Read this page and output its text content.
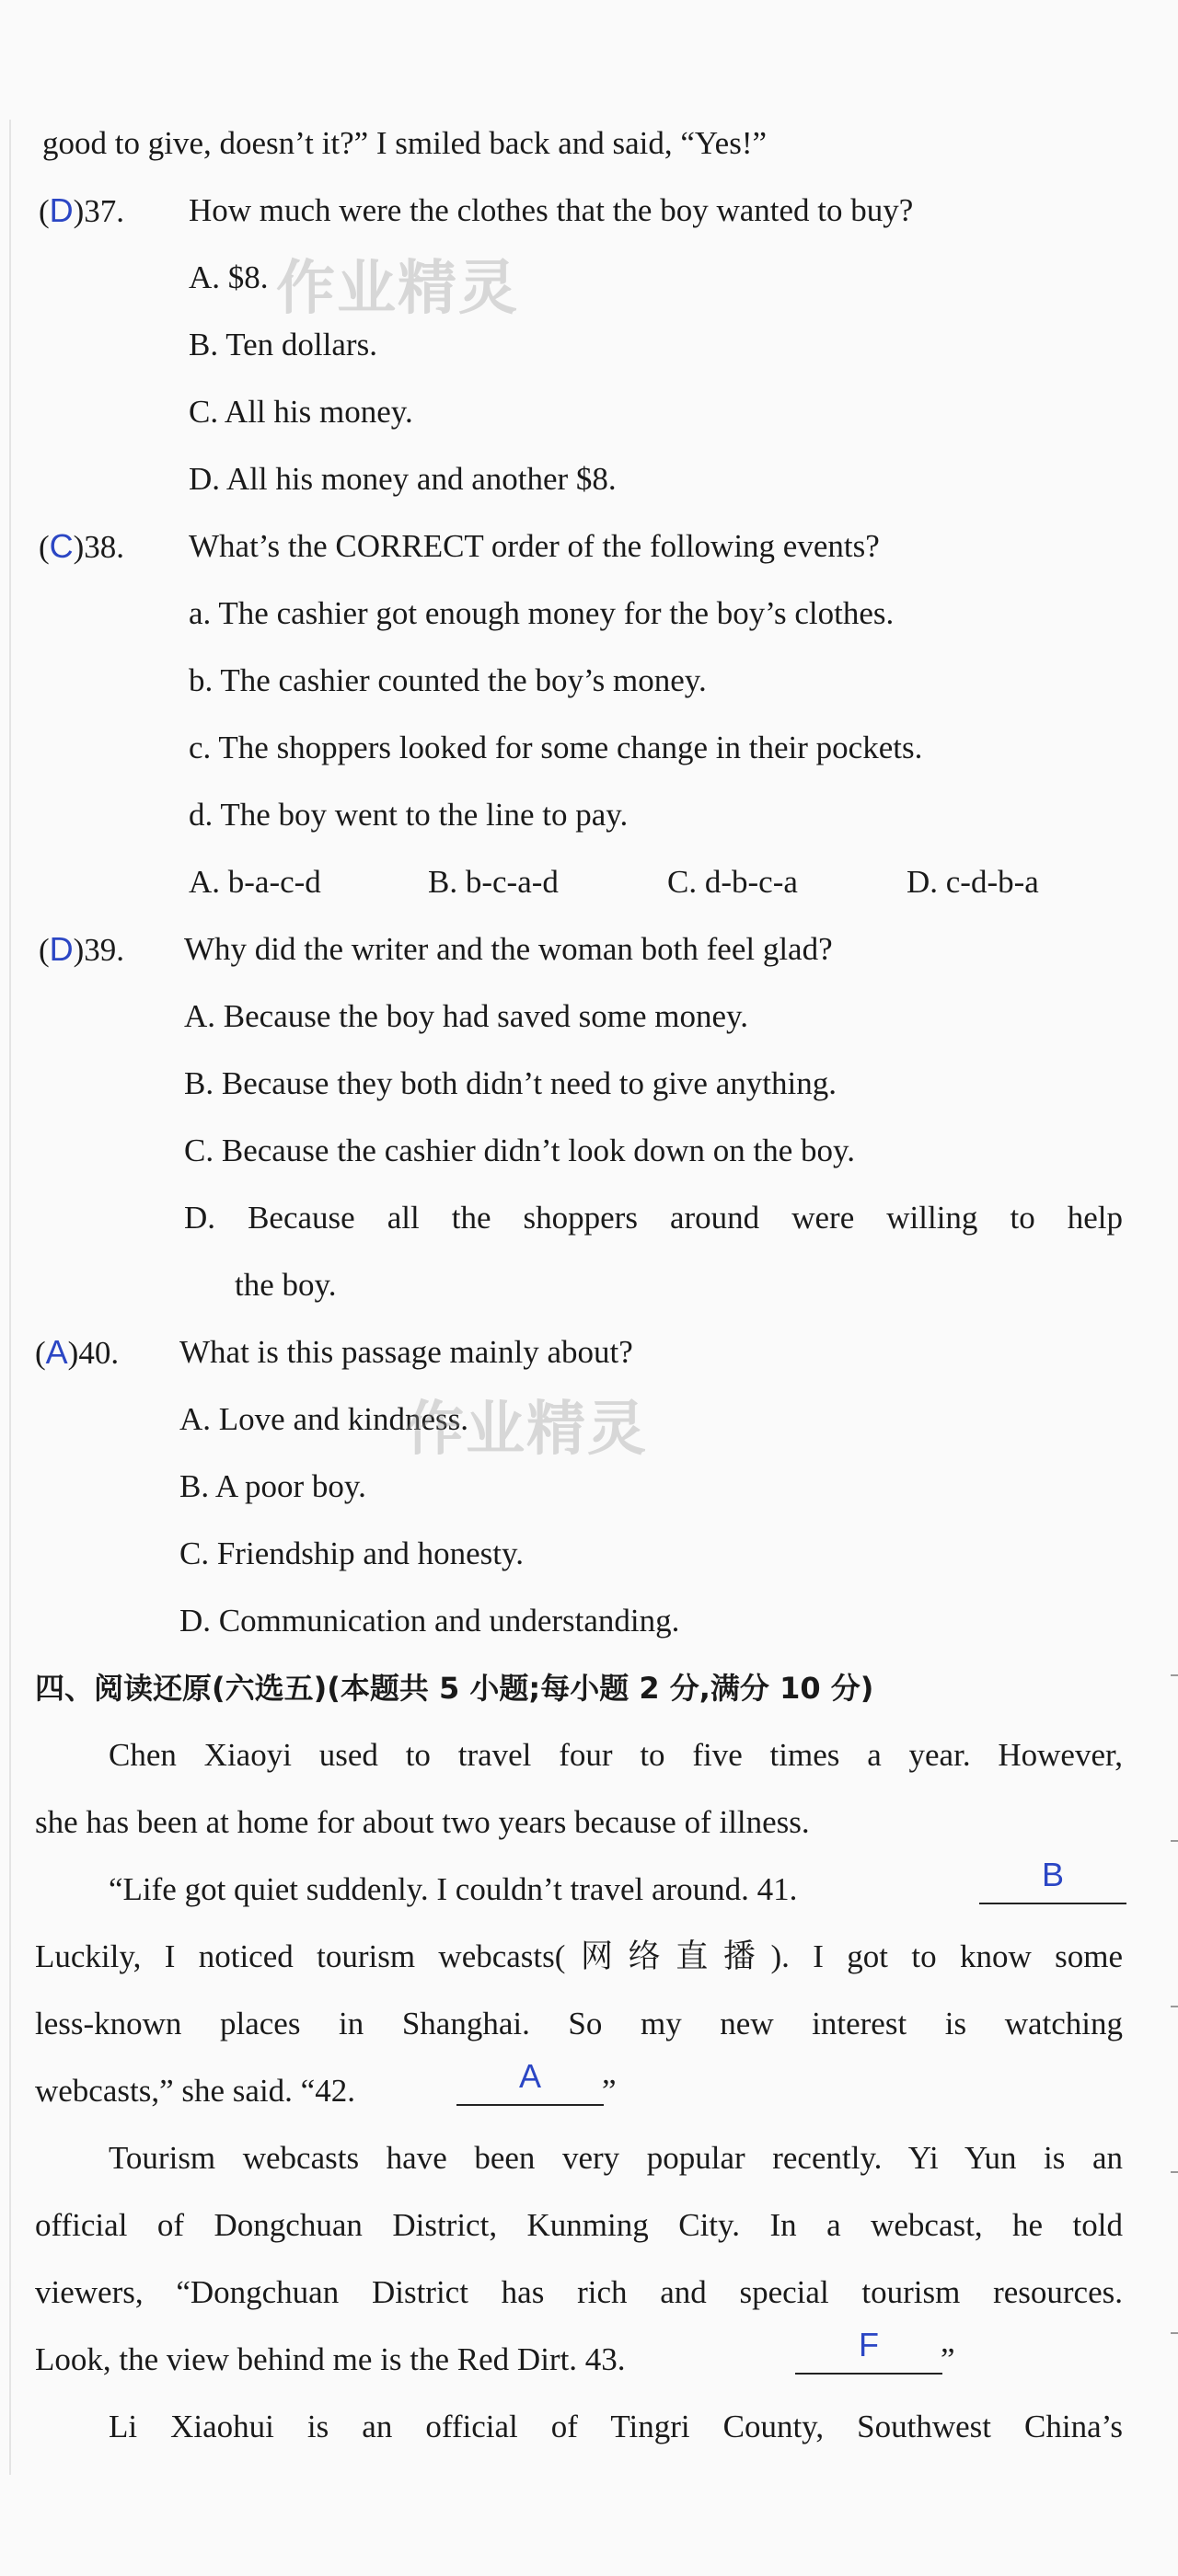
good to give, doesn’t it?” I smiled back and said, “Yes!”
(D)37. How much were the clothes that the boy wanted to buy?
A. $8.
B. Ten dollars.
C. All his money.
D. All his money and another $8.
(C)38. What’s the CORRECT order of the following events?
a. The cashier got enough money for the boy’s clothes.
b. The cashier counted the boy’s money.
c. The shoppers looked for some change in their pockets.
d. The boy went to the line to pay.
A. b-a-c-d	B. b-c-a-d	C. d-b-c-a	D. c-d-b-a
(D)39. Why did the writer and the woman both feel glad?
A. Because the boy had saved some money.
B. Because they both didn’t need to give anything.
C. Because the cashier didn’t look down on the boy.
D. Because all the shoppers around were willing to help
the boy.
(A)40. What is this passage mainly about?
A. Love and kindness.
B. A poor boy.
C. Friendship and honesty.
D. Communication and understanding.
四、阅读还原(六选五)(本题共 5 小题;每小题 2 分,满分 10 分)
Chen Xiaoyi used to travel four to five times a year. However,
she has been at home for about two years because of illness.
“Life got quiet suddenly. I couldn’t travel around. 41.	B
Luckily, I noticed tourism webcasts(网络直播). I got to know some
less-known places in Shanghai. So my new interest is watching
webcasts,” she said. “42.	A	”
Tourism webcasts have been very popular recently. Yi Yun is an
official of Dongchuan District, Kunming City. In a webcast, he told
viewers, “Dongchuan District has rich and special tourism resources.
Look, the view behind me is the Red Dirt. 43.	F	”
Li Xiaohui is an official of Tingri County, Southwest China’s
作业精灵
作业精灵
